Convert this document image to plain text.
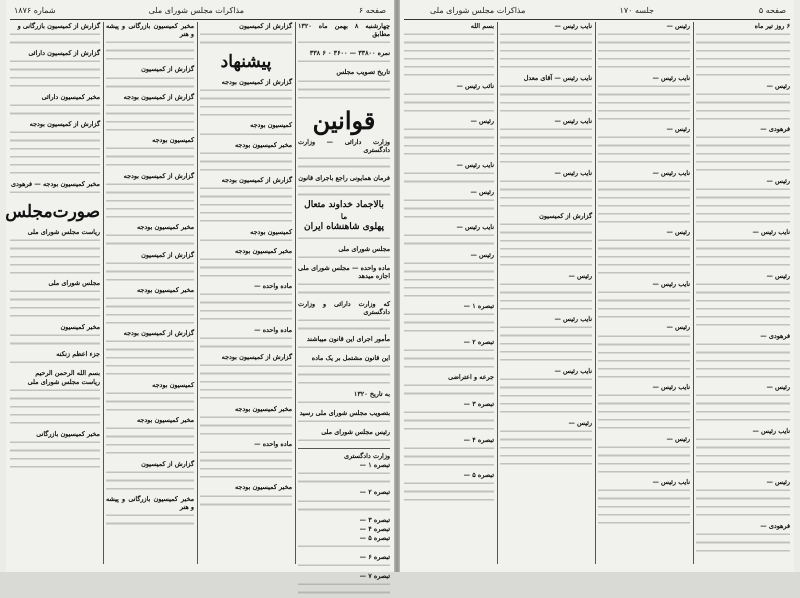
صفحه ۶
مذاکرات مجلس شورای ملی
شماره ۱۸۷۶
چهارشنبه ۸ بهمن ماه ۱۳۲۰ مطابق
نمره ۳۳۸۰۰ — ۳۶۰۰ ۰ ۶ ۳۳۸
تاریخ تصویب مجلس
قوانین
وزارت دارائی — وزارت دادگستری
فرمان همایونی راجع باجرای قانون
بالاجماد خداوند متعال
ما
پهلوی شاهنشاه ایران
مجلس شورای ملی
ماده واحده — مجلس شورای ملی اجازه میدهد
که وزارت دارائی و وزارت دادگستری
مأمور اجرای این قانون میباشند
این قانون مشتمل بر یک ماده
به تاریخ ۱۳۲۰
بتصویب مجلس شورای ملی رسید
رئیس مجلس شورای ملی
وزارت دادگستری
تبصره ۱ —
تبصره ۲ —
تبصره ۳ —
تبصره ۴ —
تبصره ۵ —
تبصره ۶ —
تبصره ۷ —
گزارش از کمیسیون
پیشنهاد
گزارش از کمیسیون بودجه
کمیسیون بودجه
مخبر کمیسیون بودجه
گزارش از کمیسیون بودجه
کمیسیون بودجه
مخبر کمیسیون بودجه
ماده واحده —
ماده واحده —
گزارش از کمیسیون بودجه
مخبر کمیسیون بودجه
ماده واحده —
مخبر کمیسیون بودجه
مخبر کمیسیون بازرگانی و پیشه و هنر
گزارش از کمیسیون
گزارش از کمیسیون بودجه
کمیسیون بودجه
گزارش از کمیسیون بودجه
مخبر کمیسیون بودجه
گزارش از کمیسیون
مخبر کمیسیون بودجه
گزارش از کمیسیون بودجه
کمیسیون بودجه
مخبر کمیسیون بودجه
گزارش از کمیسیون
مخبر کمیسیون بازرگانی و پیشه و هنر
گزارش از کمیسیون بازرگانی و
گزارش از کمیسیون دارائی
مخبر کمیسیون دارائی
گزارش از کمیسیون بودجه
مخبر کمیسیون بودجه — فرهودی
صورت‌مجلس
ریاست مجلس شورای ملی
مجلس شورای ملی
مخبر کمیسیون
جزء اعظم زنکنه
بسم الله الرحمن الرحیم
ریاست مجلس شورای ملی
مخبر کمیسیون بازرگانی
صفحه ۵
جلسه ۱۷۰
مذاکرات مجلس شورای ملی
۶ روز تیر ماه
رئیس —
فرهودی —
رئیس —
نایب رئیس —
رئیس —
فرهودی —
رئیس —
نایب رئیس —
رئیس —
فرهودی —
رئیس —
نایب رئیس —
رئیس —
نایب رئیس —
رئیس —
نایب رئیس —
رئیس —
نایب رئیس —
رئیس —
نایب رئیس —
نایب رئیس —
نایب رئیس — آقای معدل
نایب رئیس —
نایب رئیس —
گزارش از کمیسیون
رئیس —
نایب رئیس —
نایب رئیس —
رئیس —
بسم الله
نائب رئیس —
رئیس —
نایب رئیس —
رئیس —
نایب رئیس —
رئیس —
تبصره ۱ —
تبصره ۲ —
جرعه و اعتراضی
تبصره ۳ —
تبصره ۴ —
تبصره ۵ —
